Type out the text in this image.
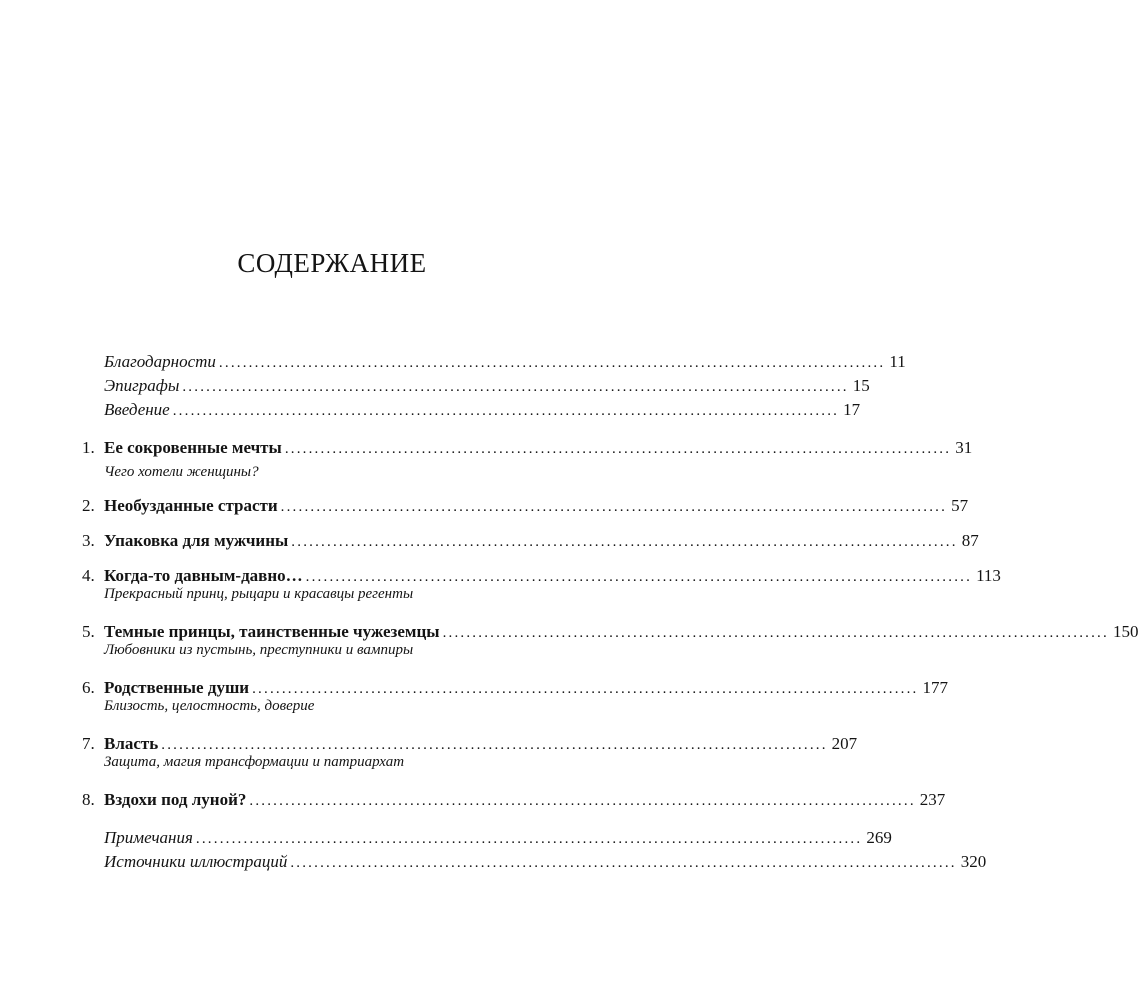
СОДЕРЖАНИЕ
Благодарности ................................................................................................................ 11
Эпиграфы ................................................................................................................ 15
Введение ................................................................................................................ 17
1. Ее сокровенные мечты ................................................................................................................ 31
Чего хотели женщины?
2. Необузданные страсти ................................................................................................................ 57
3. Упаковка для мужчины ................................................................................................................ 87
4. Когда-то давным-давно… ................................................................................................................ 113
Прекрасный принц, рыцари и красавцы регенты
5. Темные принцы, таинственные чужеземцы ................................................................................................................ 150
Любовники из пустынь, преступники и вампиры
6. Родственные души ................................................................................................................ 177
Близость, целостность, доверие
7. Власть ................................................................................................................ 207
Защита, магия трансформации и патриархат
8. Вздохи под луной? ................................................................................................................ 237
Примечания ................................................................................................................ 269
Источники иллюстраций ................................................................................................................ 320
